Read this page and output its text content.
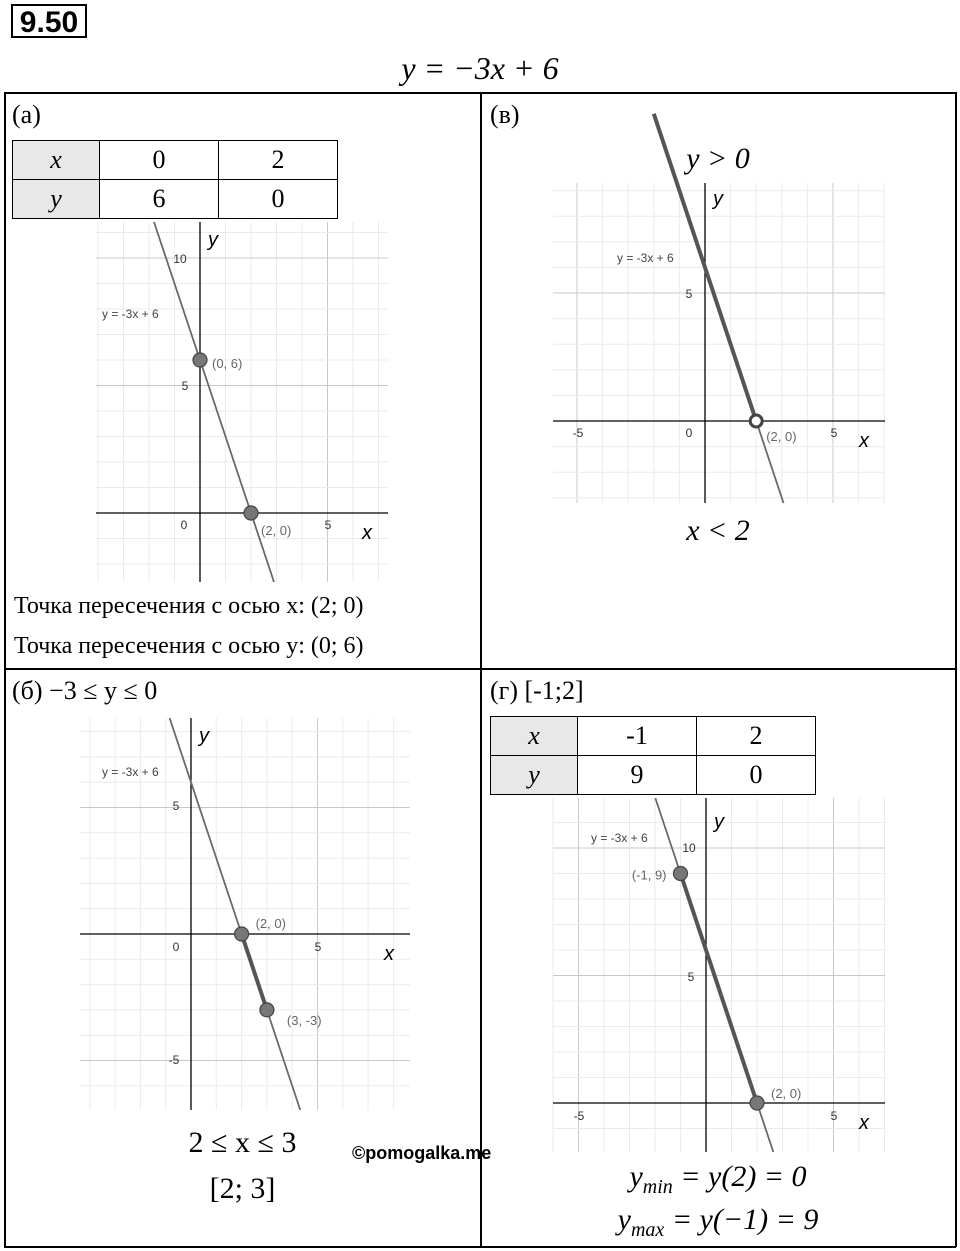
9.50
y = −3x + 6
(а)
x	0	2
y	6	0
10
5
0	5 x
y
y = -3x + 6
(0, 6)
(2, 0)
Точка пересечения с осью x: (2; 0)
Точка пересечения с осью y: (0; 6)
(в)
y > 0
-5	0	5
5
x
y
y = -3x + 6
(2, 0)
x < 2
(б) −3 ≤ y ≤ 0
5
0	5
-5
x
y
y = -3x + 6
(2, 0)
(3, -3)
2 ≤ x ≤ 3
[2; 3]
©pomogalka.me
(г) [-1;2]
x	-1	2
y	9	0
10
5
-5	5 x
y
y = -3x + 6
(-1, 9)
(2, 0)
$y_{min} = y(2) = 0$
$y_{max} = y(-1) = 9$
